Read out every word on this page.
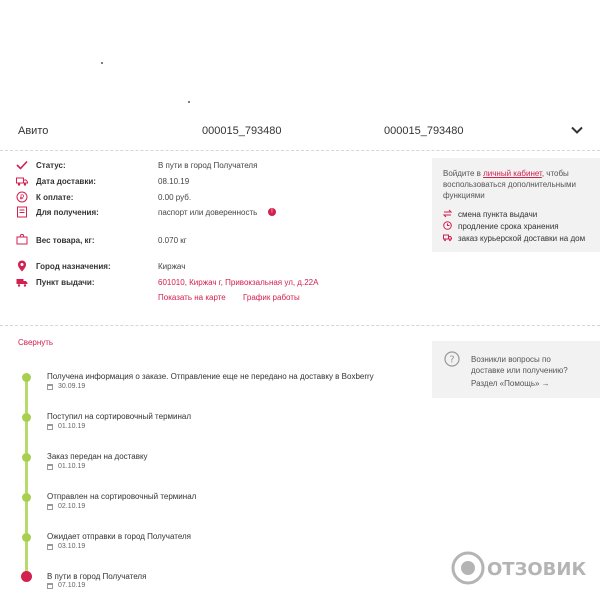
Авито	000015_793480	000015_793480
Статус:	В пути в город Получателя
Дата доставки:	08.10.19
₽ К оплате:	0.00 руб.
Для получения:	паспорт или доверенность	!
Вес товара, кг:	0.070 кг
Город назначения:	Киржач
Пункт выдачи:	601010, Киржач г, Привокзальная ул, д.22А
Показать на карте График работы
Войдите в личный кабинет, чтобы
воспользоваться дополнительными
функциями
смена пункта выдачи
продление срока хранения
заказ курьерской доставки на дом
Свернуть
? Возникли вопросы по
доставке или получению?
Раздел «Помощь» →
Получена информация о заказе. Отправление еще не передано на доставку в Boxberry
30.09.19
Поступил на сортировочный терминал
01.10.19
Заказ передан на доставку
01.10.19
Отправлен на сортировочный терминал
02.10.19
Ожидает отправки в город Получателя
03.10.19
В пути в город Получателя
07.10.19
ОТЗОВИК
